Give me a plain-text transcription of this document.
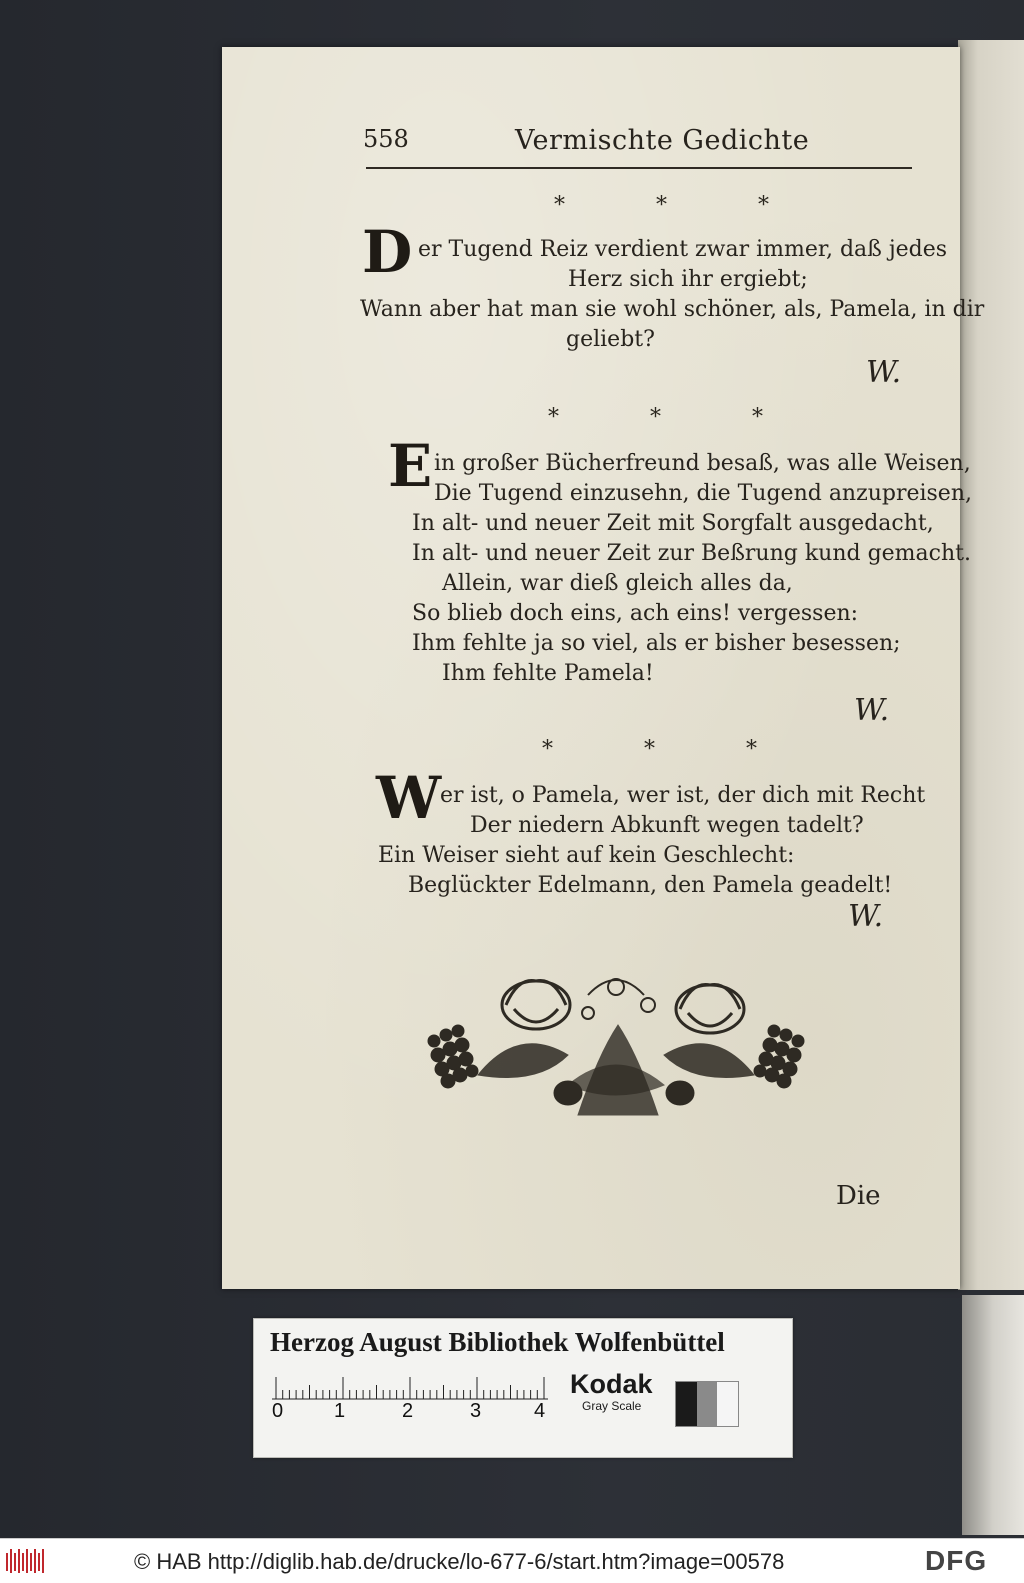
558	Vermischte Gedichte
* * *
D er Tugend Reiz verdient zwar immer, daß jedes
Herz sich ihr ergiebt;
Wann aber hat man sie wohl schöner, als, Pamela, in dir
geliebt?
W.
* * *
E in großer Bücherfreund besaß, was alle Weisen,
Die Tugend einzusehn, die Tugend anzupreisen,
In alt- und neuer Zeit mit Sorgfalt ausgedacht,
In alt- und neuer Zeit zur Beßrung kund gemacht.
Allein, war dieß gleich alles da,
So blieb doch eins, ach eins! vergessen:
Ihm fehlte ja so viel, als er bisher besessen;
Ihm fehlte Pamela!
W.
* * *
W
er ist, o Pamela, wer ist, der dich mit Recht
Der niedern Abkunft wegen tadelt?
Ein Weiser sieht auf kein Geschlecht:
Beglückter Edelmann, den Pamela geadelt!
W.
Die
Herzog August Bibliothek Wolfenbüttel
0	1	2	3	4
Kodak
Gray Scale
© HAB http://diglib.hab.de/drucke/lo-677-6/start.htm?image=00578	DFG
